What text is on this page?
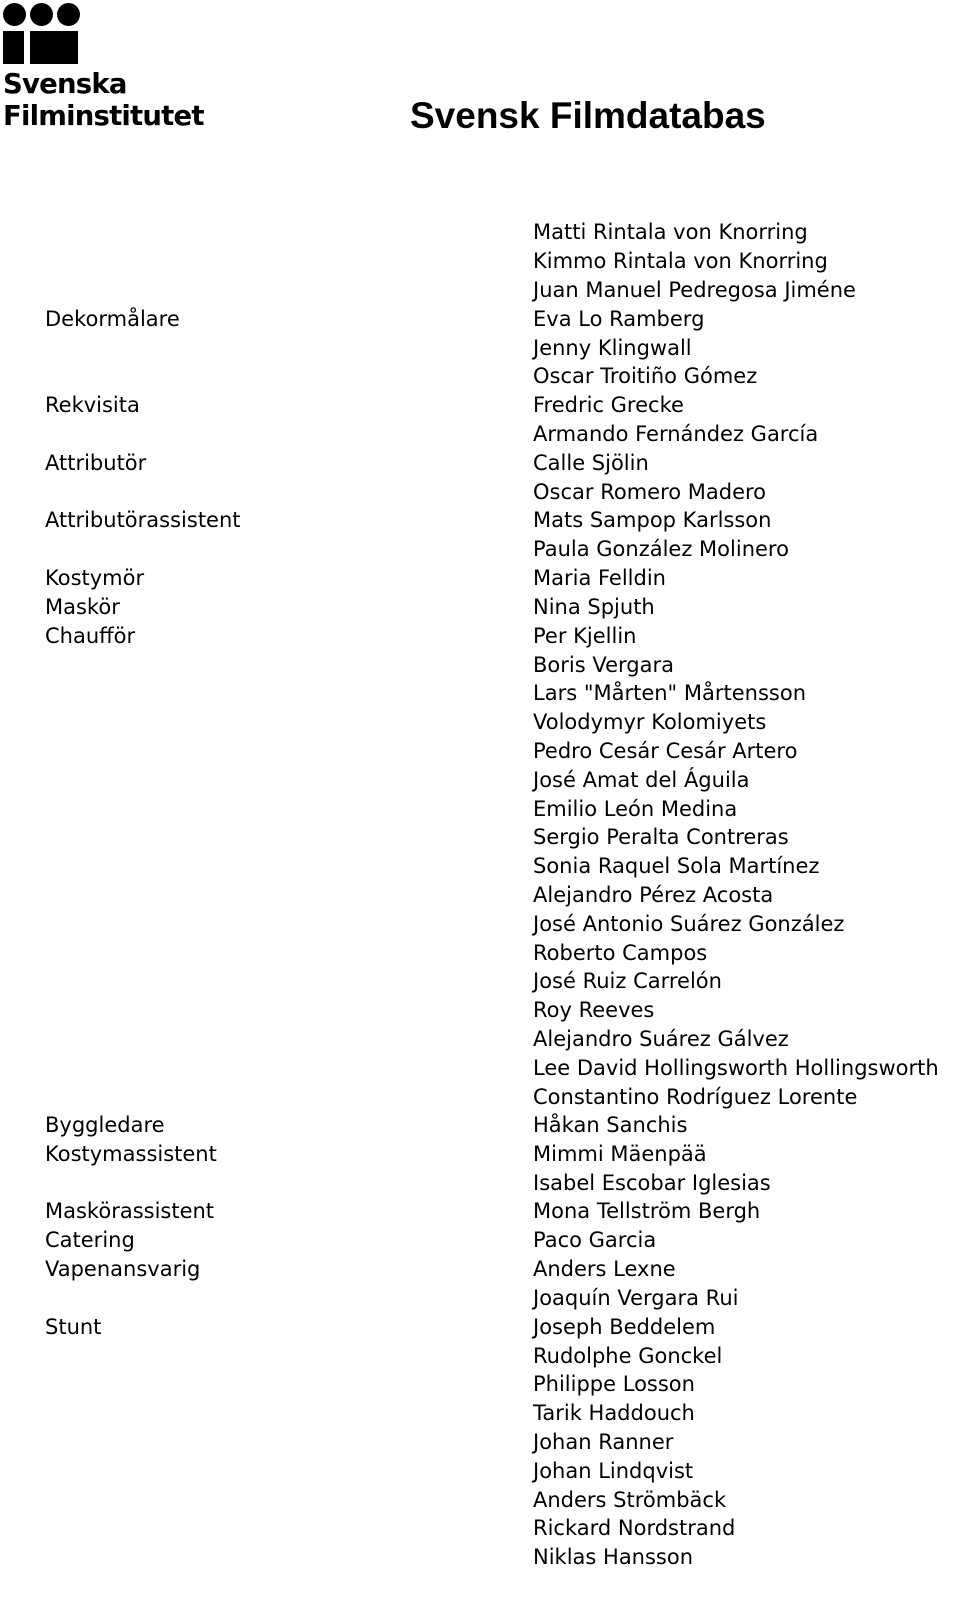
Svenska
Filminstitutet	Svensk Filmdatabas
Dekormålare
Rekvisita
Attributör
Attributörassistent
Kostymör
Maskör
Chaufför
Byggledare
Kostymassistent
Maskörassistent
Catering
Vapenansvarig
Stunt
Matti Rintala von Knorring
Kimmo Rintala von Knorring
Juan Manuel Pedregosa Jiméne
Eva Lo Ramberg
Jenny Klingwall
Oscar Troitiño Gómez
Fredric Grecke
Armando Fernández García
Calle Sjölin
Oscar Romero Madero
Mats Sampop Karlsson
Paula González Molinero
Maria Felldin
Nina Spjuth
Per Kjellin
Boris Vergara
Lars "Mårten" Mårtensson
Volodymyr Kolomiyets
Pedro Cesár Cesár Artero
José Amat del Águila
Emilio León Medina
Sergio Peralta Contreras
Sonia Raquel Sola Martínez
Alejandro Pérez Acosta
José Antonio Suárez González
Roberto Campos
José Ruiz Carrelón
Roy Reeves
Alejandro Suárez Gálvez
Lee David Hollingsworth Hollingsworth
Constantino Rodríguez Lorente
Håkan Sanchis
Mimmi Mäenpää
Isabel Escobar Iglesias
Mona Tellström Bergh
Paco Garcia
Anders Lexne
Joaquín Vergara Rui
Joseph Beddelem
Rudolphe Gonckel
Philippe Losson
Tarik Haddouch
Johan Ranner
Johan Lindqvist
Anders Strömbäck
Rickard Nordstrand
Niklas Hansson
